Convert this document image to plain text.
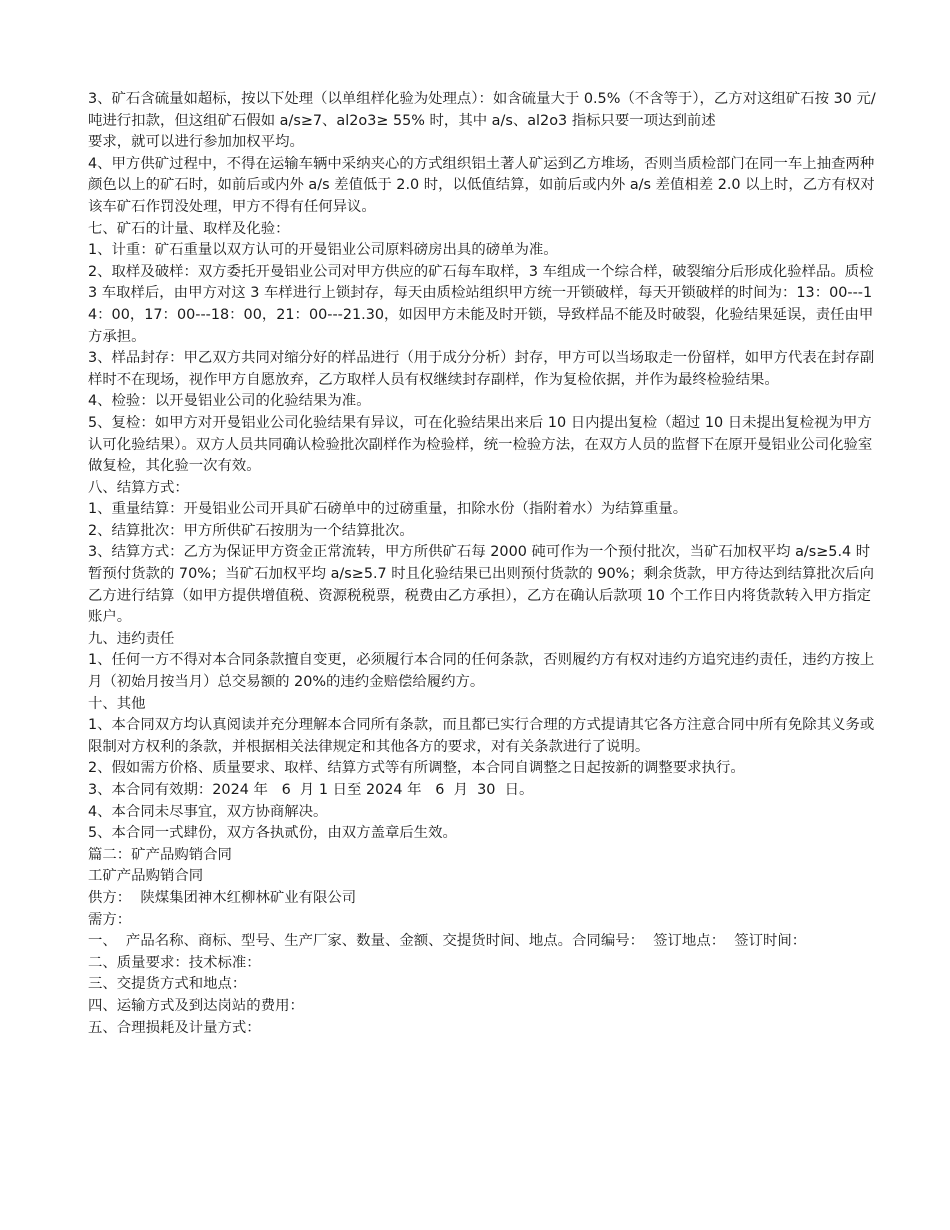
3、矿石含硫量如超标，按以下处理（以单组样化验为处理点）：如含硫量大于 0.5%（不含等于），乙方对这组矿石按 30 元/吨进行扣款，但这组矿石假如 a/s≥7、al2o3≥ 55% 时，其中 a/s、al2o3 指标只要一项达到前述

要求，就可以进行参加加权平均。

4、甲方供矿过程中，不得在运输车辆中采纳夹心的方式组织铝土著人矿运到乙方堆场，否则当质检部门在同一车上抽查两种颜色以上的矿石时，如前后或内外 a/s 差值低于 2.0 时，以低值结算，如前后或内外 a/s 差值相差 2.0 以上时，乙方有权对该车矿石作罚没处理，甲方不得有任何异议。

七、矿石的计量、取样及化验：

1、计重：矿石重量以双方认可的开曼铝业公司原料磅房出具的磅单为准。

2、取样及破样：双方委托开曼铝业公司对甲方供应的矿石每车取样，3 车组成一个综合样，破裂缩分后形成化验样品。质检 3 车取样后，由甲方对这 3 车样进行上锁封存，每天由质检站组织甲方统一开锁破样，每天开锁破样的时间为：13：00---14：00，17：00---18：00，21：00---21.30，如因甲方未能及时开锁，导致样品不能及时破裂，化验结果延误，责任由甲方承担。

3、样品封存：甲乙双方共同对缩分好的样品进行（用于成分分析）封存，甲方可以当场取走一份留样，如甲方代表在封存副样时不在现场，视作甲方自愿放弃，乙方取样人员有权继续封存副样，作为复检依据，并作为最终检验结果。

4、检验：以开曼铝业公司的化验结果为准。

5、复检：如甲方对开曼铝业公司化验结果有异议，可在化验结果出来后 10 日内提出复检（超过 10 日未提出复检视为甲方认可化验结果）。双方人员共同确认检验批次副样作为检验样，统一检验方法，在双方人员的监督下在原开曼铝业公司化验室做复检，其化验一次有效。

八、结算方式：

1、重量结算：开曼铝业公司开具矿石磅单中的过磅重量，扣除水份（指附着水）为结算重量。

2、结算批次：甲方所供矿石按朋为一个结算批次。

3、结算方式：乙方为保证甲方资金正常流转，甲方所供矿石每 2000 砘可作为一个预付批次，当矿石加权平均 a/s≥5.4 时暂预付货款的 70%；当矿石加权平均 a/s≥5.7 时且化验结果已出则预付货款的 90%；剩余货款，甲方待达到结算批次后向乙方进行结算（如甲方提供增值税、资源税税票，税费由乙方承担），乙方在确认后款项 10 个工作日内将货款转入甲方指定账户。

九、违约责任

1、任何一方不得对本合同条款擅自变更，必须履行本合同的任何条款，否则履约方有权对违约方追究违约责任，违约方按上月（初始月按当月）总交易额的 20%的违约金赔偿给履约方。

十、其他

1、本合同双方均认真阅读并充分理解本合同所有条款，而且都已实行合理的方式提请其它各方注意合同中所有免除其义务或限制对方权利的条款，并根据相关法律规定和其他各方的要求，对有关条款进行了说明。

2、假如需方价格、质量要求、取样、结算方式等有所调整，本合同自调整之日起按新的调整要求执行。

3、本合同有效期：2024 年   6  月 1 日至 2024 年   6  月  30  日。

4、本合同未尽事宜，双方协商解决。

5、本合同一式肆份，双方各执贰份，由双方盖章后生效。

篇二：矿产品购销合同

工矿产品购销合同

供方：  陕煤集团神木红柳林矿业有限公司

需方：

一、  产品名称、商标、型号、生产厂家、数量、金额、交提货时间、地点。合同编号：  签订地点：  签订时间：

二、质量要求：技术标准：

三、交提货方式和地点：

四、运输方式及到达岗站的费用：

五、合理损耗及计量方式：
